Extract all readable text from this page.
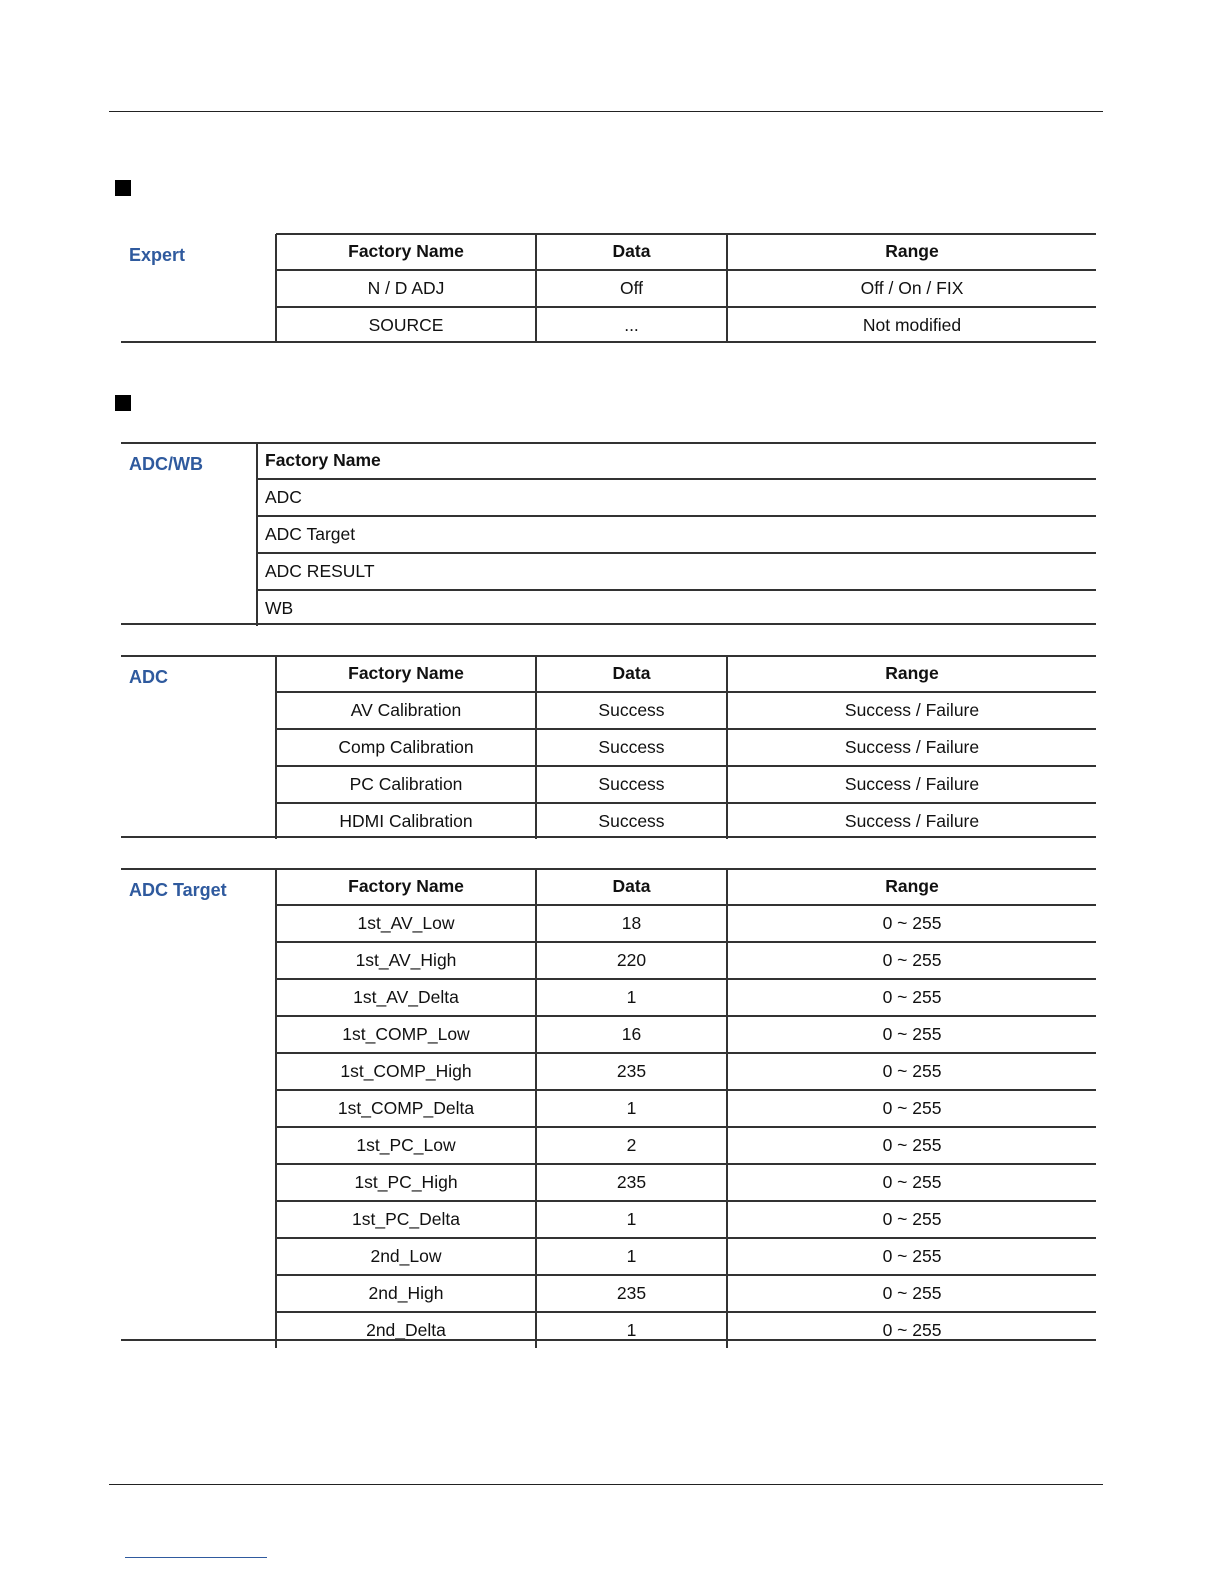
Expert	Factory Name	Data	Range
N / D ADJ	Off	Off / On / FIX
SOURCE	...	Not modified
ADC/WB	Factory Name
ADC
ADC Target
ADC RESULT
WB
ADC	Factory Name	Data	Range
AV Calibration	Success	Success / Failure
Comp Calibration	Success	Success / Failure
PC Calibration	Success	Success / Failure
HDMI Calibration	Success	Success / Failure
ADC Target	Factory Name	Data	Range
1st_AV_Low	18	0 ~ 255
1st_AV_High	220	0 ~ 255
1st_AV_Delta	1	0 ~ 255
1st_COMP_Low	16	0 ~ 255
1st_COMP_High	235	0 ~ 255
1st_COMP_Delta	1	0 ~ 255
1st_PC_Low	2	0 ~ 255
1st_PC_High	235	0 ~ 255
1st_PC_Delta	1	0 ~ 255
2nd_Low	1	0 ~ 255
2nd_High	235	0 ~ 255
2nd_Delta	1	0 ~ 255
